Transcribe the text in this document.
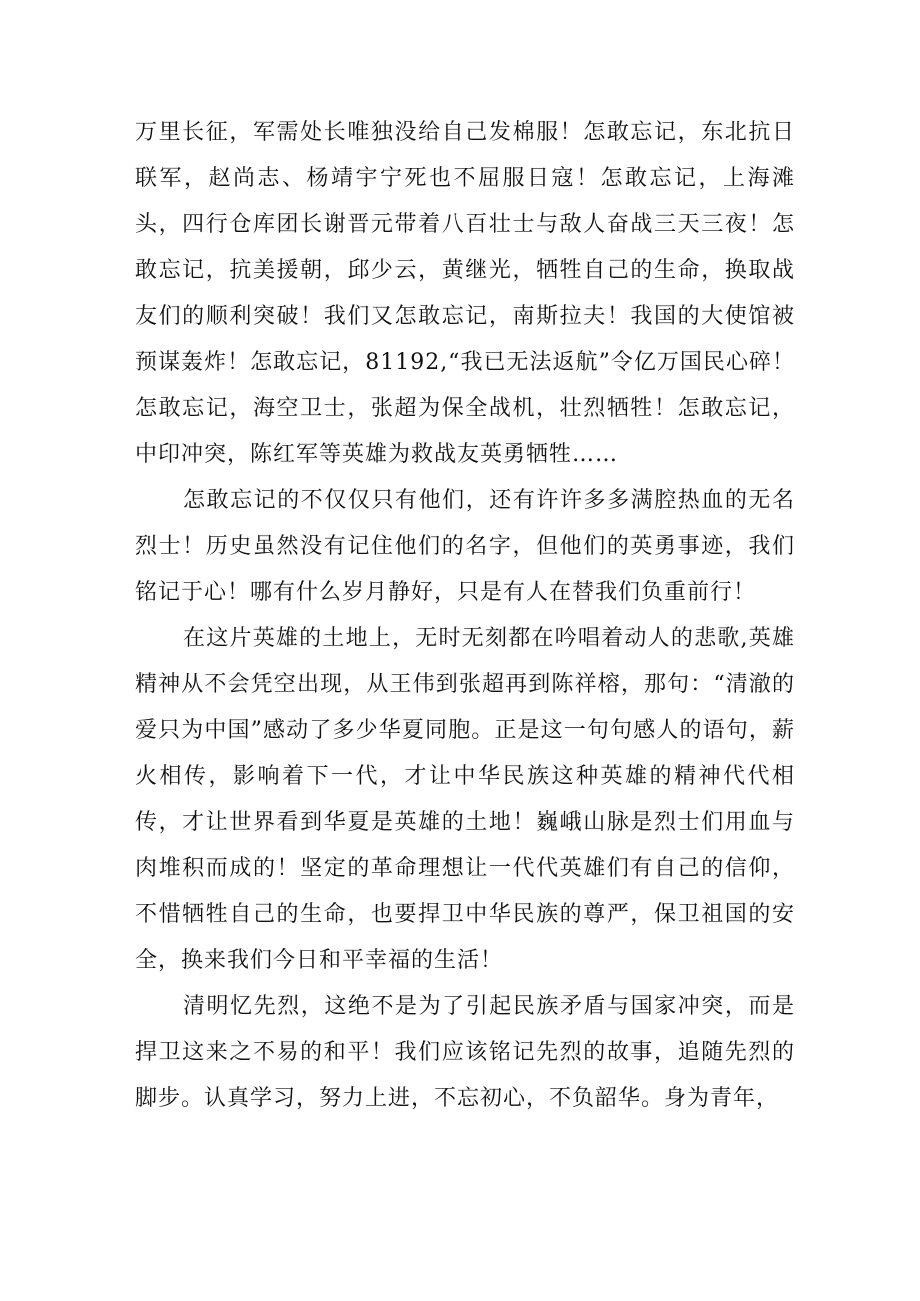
万里长征，军需处长唯独没给自己发棉服！怎敢忘记，东北抗日联军，赵尚志、杨靖宇宁死也不屈服日寇！怎敢忘记，上海滩头，四行仓库团长谢晋元带着八百壮士与敌人奋战三天三夜！怎敢忘记，抗美援朝，邱少云，黄继光，牺牲自己的生命，换取战友们的顺利突破！我们又怎敢忘记，南斯拉夫！我国的大使馆被预谋轰炸！怎敢忘记，81192,“我已无法返航”令亿万国民心碎！怎敢忘记，海空卫士，张超为保全战机，壮烈牺牲！怎敢忘记，中印冲突，陈红军等英雄为救战友英勇牺牲……

怎敢忘记的不仅仅只有他们，还有许许多多满腔热血的无名烈士！历史虽然没有记住他们的名字，但他们的英勇事迹，我们铭记于心！哪有什么岁月静好，只是有人在替我们负重前行！

在这片英雄的土地上，无时无刻都在吟唱着动人的悲歌,英雄精神从不会凭空出现，从王伟到张超再到陈祥榕，那句：“清澈的爱只为中国”感动了多少华夏同胞。正是这一句句感人的语句，薪火相传，影响着下一代，才让中华民族这种英雄的精神代代相传，才让世界看到华夏是英雄的土地！巍峨山脉是烈士们用血与肉堆积而成的！坚定的革命理想让一代代英雄们有自己的信仰，不惜牺牲自己的生命，也要捍卫中华民族的尊严，保卫祖国的安全，换来我们今日和平幸福的生活！

清明忆先烈，这绝不是为了引起民族矛盾与国家冲突，而是捍卫这来之不易的和平！我们应该铭记先烈的故事，追随先烈的脚步。认真学习，努力上进，不忘初心，不负韶华。身为青年，
